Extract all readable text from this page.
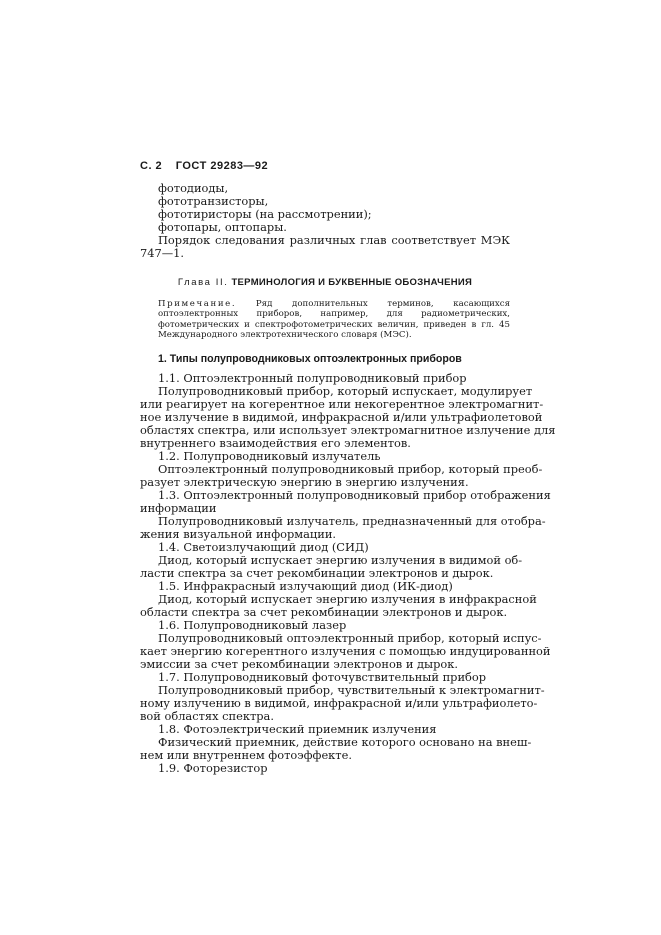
С. 2 ГОСТ 29283—92
фотодиоды,
фототранзисторы,
фототиристоры (на рассмотрении);
фотопары, оптопары.
Порядок следования различных глав соответствует МЭК
747—1.
Глава II. ТЕРМИНОЛОГИЯ И БУКВЕННЫЕ ОБОЗНАЧЕНИЯ
Примечание. Ряд дополнительных терминов, касающихся оптоэлектронных приборов, например, для радиометрических, фотометрических и спектрофотометрических величин, приведен в гл. 45 Международного электротехнического словаря (МЭС).
1. Типы полупроводниковых оптоэлектронных приборов
1.1. Оптоэлектронный полупроводниковый прибор
Полупроводниковый прибор, который испускает, модулирует
или реагирует на когерентное или некогерентное электромагнит-
ное излучение в видимой, инфракрасной и/или ультрафиолетовой
областях спектра, или использует электромагнитное излучение для
внутреннего взаимодействия его элементов.
1.2. Полупроводниковый излучатель
Оптоэлектронный полупроводниковый прибор, который преоб-
разует электрическую энергию в энергию излучения.
1.3. Оптоэлектронный полупроводниковый прибор отображения
информации
Полупроводниковый излучатель, предназначенный для отобра-
жения визуальной информации.
1.4. Светоизлучающий диод (СИД)
Диод, который испускает энергию излучения в видимой об-
ласти спектра за счет рекомбинации электронов и дырок.
1.5. Инфракрасный излучающий диод (ИК-диод)
Диод, который испускает энергию излучения в инфракрасной
области спектра за счет рекомбинации электронов и дырок.
1.6. Полупроводниковый лазер
Полупроводниковый оптоэлектронный прибор, который испус-
кает энергию когерентного излучения с помощью индуцированной
эмиссии за счет рекомбинации электронов и дырок.
1.7. Полупроводниковый фоточувствительный прибор
Полупроводниковый прибор, чувствительный к электромагнит-
ному излучению в видимой, инфракрасной и/или ультрафиолето-
вой областях спектра.
1.8. Фотоэлектрический приемник излучения
Физический приемник, действие которого основано на внеш-
нем или внутреннем фотоэффекте.
1.9. Фоторезистор
